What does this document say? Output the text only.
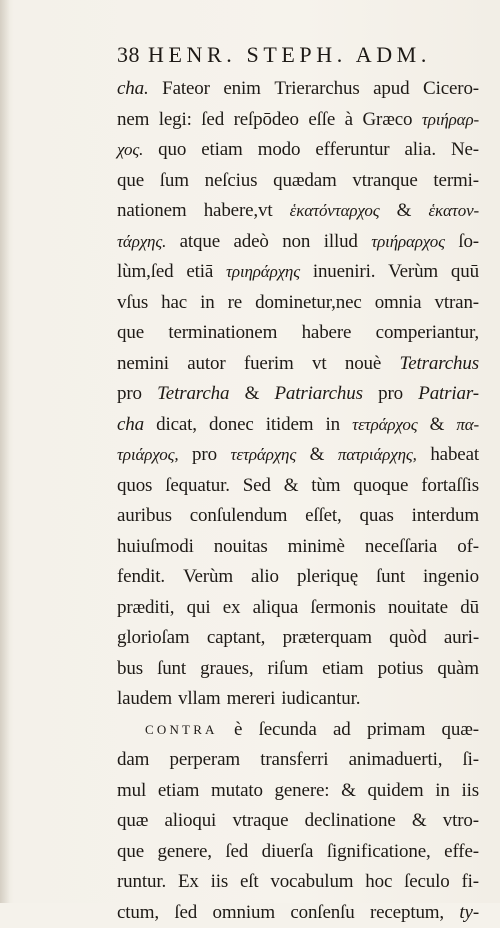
38 HENR. STEPH. ADM.
cha. Fateor enim Trierarchus apud Cicero-
nem legi: ſed reſpōdeo eſſe à Græco τριήραρ-
χος. quo etiam modo efferuntur alia. Ne-
que ſum neſcius quædam vtranque termi-
nationem habere,vt ἑκατόνταρχος & ἑκατον-
τάρχης. atque adeò non illud τριήραρχος ſo-
lùm,ſed etiā τριηράρχης inueniri. Verùm quū
vſus hac in re dominetur,nec omnia vtran-
que terminationem habere comperiantur,
nemini autor fuerim vt nouè Tetrarchus
pro Tetrarcha & Patriarchus pro Patriar-
cha dicat, donec itidem in τετράρχος & πα-
τριάρχος, pro τετράρχης & πατριάρχης, habeat
quos ſequatur. Sed & tùm quoque fortaſſis
auribus conſulendum eſſet, quas interdum
huiuſmodi nouitas minimè neceſſaria of-
fendit. Verùm alio pleriquę ſunt ingenio
prӕditi, qui ex aliqua ſermonis nouitate dū
glorioſam captant, prӕterquam quòd auri-
bus ſunt graues, riſum etiam potius quàm
laudem vllam mereri iudicantur.
CONTRA è ſecunda ad primam quӕ-
dam perperam transferri animaduerti, ſi-
mul etiam mutato genere: & quidem in iis
quӕ alioqui vtraque declinatione & vtro-
que genere, ſed diuerſa ſignificatione, effe-
runtur. Ex iis eſt vocabulum hoc ſeculo fi-
ctum, ſed omnium conſenſu receptum, ty-
